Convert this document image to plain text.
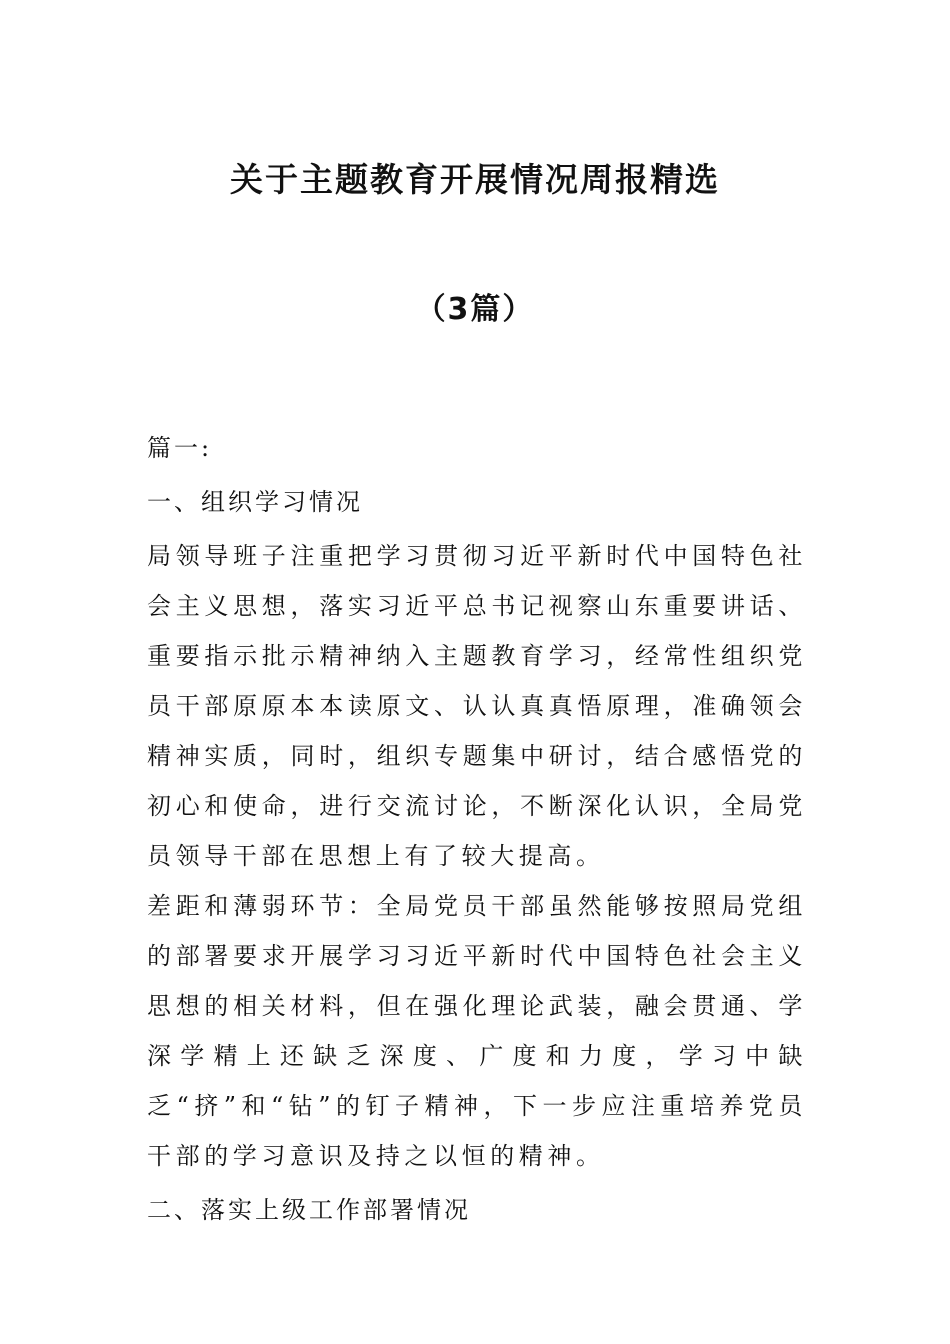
关于主题教育开展情况周报精选
（3篇）

篇一:

一、组织学习情况

局领导班子注重把学习贯彻习近平新时代中国特色社会主义思想，落实习近平总书记视察山东重要讲话、重要指示批示精神纳入主题教育学习，经常性组织党员干部原原本本读原文、认认真真悟原理，准确领会精神实质，同时，组织专题集中研讨，结合感悟党的初心和使命，进行交流讨论，不断深化认识，全局党员领导干部在思想上有了较大提高。

差距和薄弱环节：全局党员干部虽然能够按照局党组的部署要求开展学习习近平新时代中国特色社会主义思想的相关材料，但在强化理论武装，融会贯通、学深学精上还缺乏深度、广度和力度，学习中缺乏“挤”和“钻”的钉子精神，下一步应注重培养党员干部的学习意识及持之以恒的精神。

二、落实上级工作部署情况
